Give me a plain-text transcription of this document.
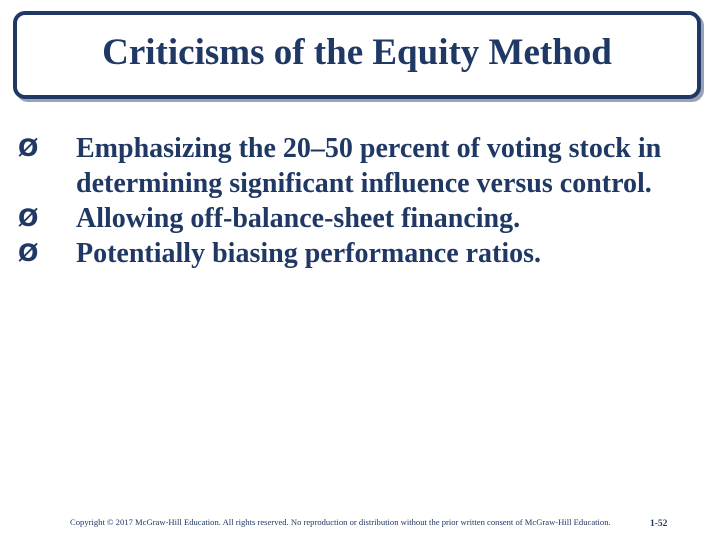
Criticisms of the Equity Method
Ø	Emphasizing the 20–50 percent of voting stock in determining significant influence versus control.
Ø	Allowing off-balance-sheet financing.
Ø	Potentially biasing performance ratios.
Copyright © 2017 McGraw-Hill Education. All rights reserved. No reproduction or distribution without the prior written consent of McGraw-Hill Education.	1-52
